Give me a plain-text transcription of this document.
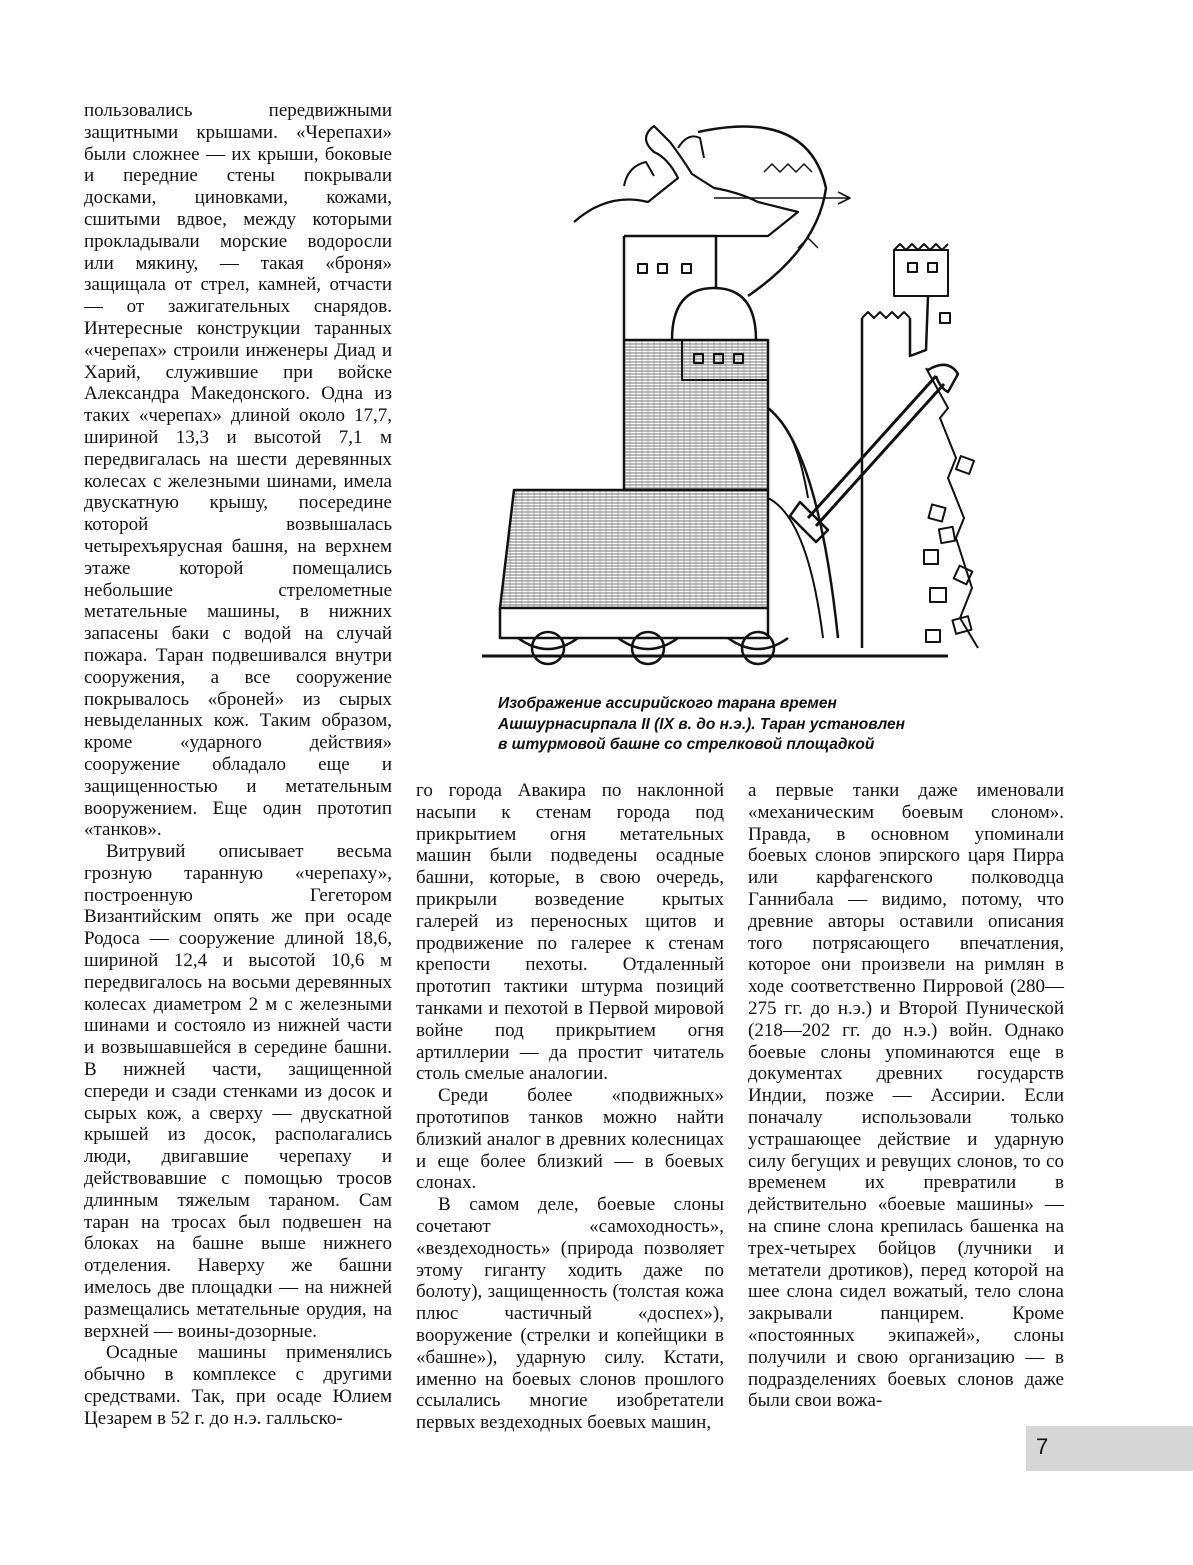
пользовались передвижными защитными крышами. «Черепахи» были сложнее — их крыши, боковые и передние стены покрывали досками, циновками, кожами, сшитыми вдвое, между которыми прокладывали морские водоросли или мякину, — такая «броня» защищала от стрел, камней, отчасти — от зажигательных снарядов. Интересные конструкции таранных «черепах» строили инженеры Диад и Харий, служившие при войске Александра Македонского. Одна из таких «черепах» длиной около 17,7, шириной 13,3 и высотой 7,1 м передвигалась на шести деревянных колесах с железными шинами, имела двускатную крышу, посередине которой возвышалась четырехъярусная башня, на верхнем этаже которой помещались небольшие стрелометные метательные машины, в нижних запасены баки с водой на случай пожара. Таран подвешивался внутри сооружения, а все сооружение покрывалось «броней» из сырых невыделанных кож. Таким образом, кроме «ударного действия» сооружение обладало еще и защищенностью и метательным вооружением. Еще один прототип «танков».

Витрувий описывает весьма грозную таранную «черепаху», построенную Гегетором Византийским опять же при осаде Родоса — сооружение длиной 18,6, шириной 12,4 и высотой 10,6 м передвигалось на восьми деревянных колесах диаметром 2 м с железными шинами и состояло из нижней части и возвышавшейся в середине башни. В нижней части, защищенной спереди и сзади стенками из досок и сырых кож, а сверху — двускатной крышей из досок, располагались люди, двигавшие черепаху и действовавшие с помощью тросов длинным тяжелым тараном. Сам таран на тросах был подвешен на блоках на башне выше нижнего отделения. Наверху же башни имелось две площадки — на нижней размещались метательные орудия, на верхней — воины-дозорные.

Осадные машины применялись обычно в комплексе с другими средствами. Так, при осаде Юлием Цезарем в 52 г. до н.э. галльско-

Изображение ассирийского тарана времен
Ашшурнасирпала II (IX в. до н.э.). Таран установлен
в штурмовой башне со стрелковой площадкой

го города Авакира по наклонной насыпи к стенам города под прикрытием огня метательных машин были подведены осадные башни, которые, в свою очередь, прикрыли возведение крытых галерей из переносных щитов и продвижение по галерее к стенам крепости пехоты. Отдаленный прототип тактики штурма позиций танками и пехотой в Первой мировой войне под прикрытием огня артиллерии — да простит читатель столь смелые аналогии.

Среди более «подвижных» прототипов танков можно найти близкий аналог в древних колесницах и еще более близкий — в боевых слонах.

В самом деле, боевые слоны сочетают «самоходность», «вездеходность» (природа позволяет этому гиганту ходить даже по болоту), защищенность (толстая кожа плюс частичный «доспех»), вооружение (стрелки и копейщики в «башне»), ударную силу. Кстати, именно на боевых слонов прошлого ссылались многие изобретатели первых вездеходных боевых машин,

а первые танки даже именовали «механическим боевым слоном». Правда, в основном упоминали боевых слонов эпирского царя Пирра или карфагенского полководца Ганнибала — видимо, потому, что древние авторы оставили описания того потрясающего впечатления, которое они произвели на римлян в ходе соответственно Пирровой (280—275 гг. до н.э.) и Второй Пунической (218—202 гг. до н.э.) войн. Однако боевые слоны упоминаются еще в документах древних государств Индии, позже — Ассирии. Если поначалу использовали только устрашающее действие и ударную силу бегущих и ревущих слонов, то со временем их превратили в действительно «боевые машины» — на спине слона крепилась башенка на трех-четырех бойцов (лучники и метатели дротиков), перед которой на шее слона сидел вожатый, тело слона закрывали панцирем. Кроме «постоянных экипажей», слоны получили и свою организацию — в подразделениях боевых слонов даже были свои вожа-

7
